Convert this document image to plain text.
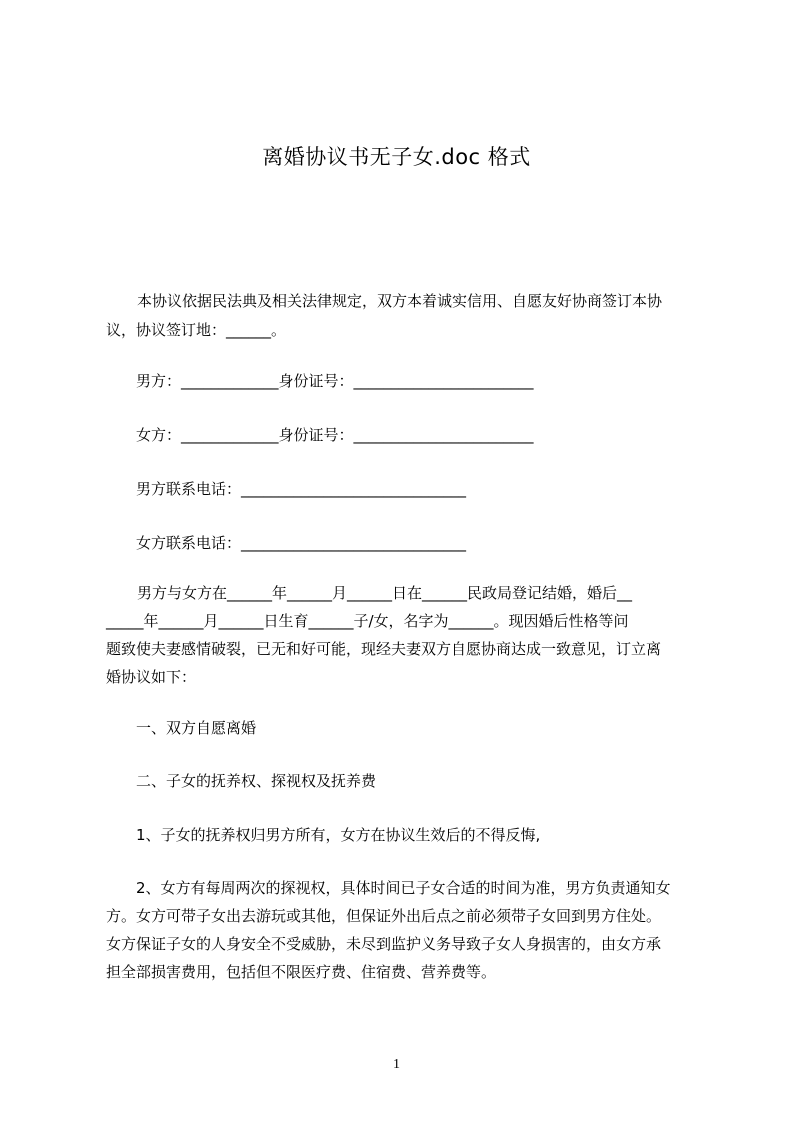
离婚协议书无子女.doc 格式

本协议依据民法典及相关法律规定，双方本着诚实信用、自愿友好协商签订本协

议，协议签订地：______。

男方：_____________身份证号：________________________

女方：_____________身份证号：________________________

男方联系电话：______________________________

女方联系电话：______________________________

男方与女方在______年______月______日在______民政局登记结婚，婚后__

_____年______月______日生育______子/女，名字为______。现因婚后性格等问

题致使夫妻感情破裂，已无和好可能，现经夫妻双方自愿协商达成一致意见，订立离

婚协议如下：

一、双方自愿离婚

二、子女的抚养权、探视权及抚养费

1、子女的抚养权归男方所有，女方在协议生效后的不得反悔,

2、女方有每周两次的探视权，具体时间已子女合适的时间为准，男方负责通知女

方。女方可带子女出去游玩或其他，但保证外出后点之前必须带子女回到男方住处。

女方保证子女的人身安全不受威胁，未尽到监护义务导致子女人身损害的，由女方承

担全部损害费用，包括但不限医疗费、住宿费、营养费等。

1
